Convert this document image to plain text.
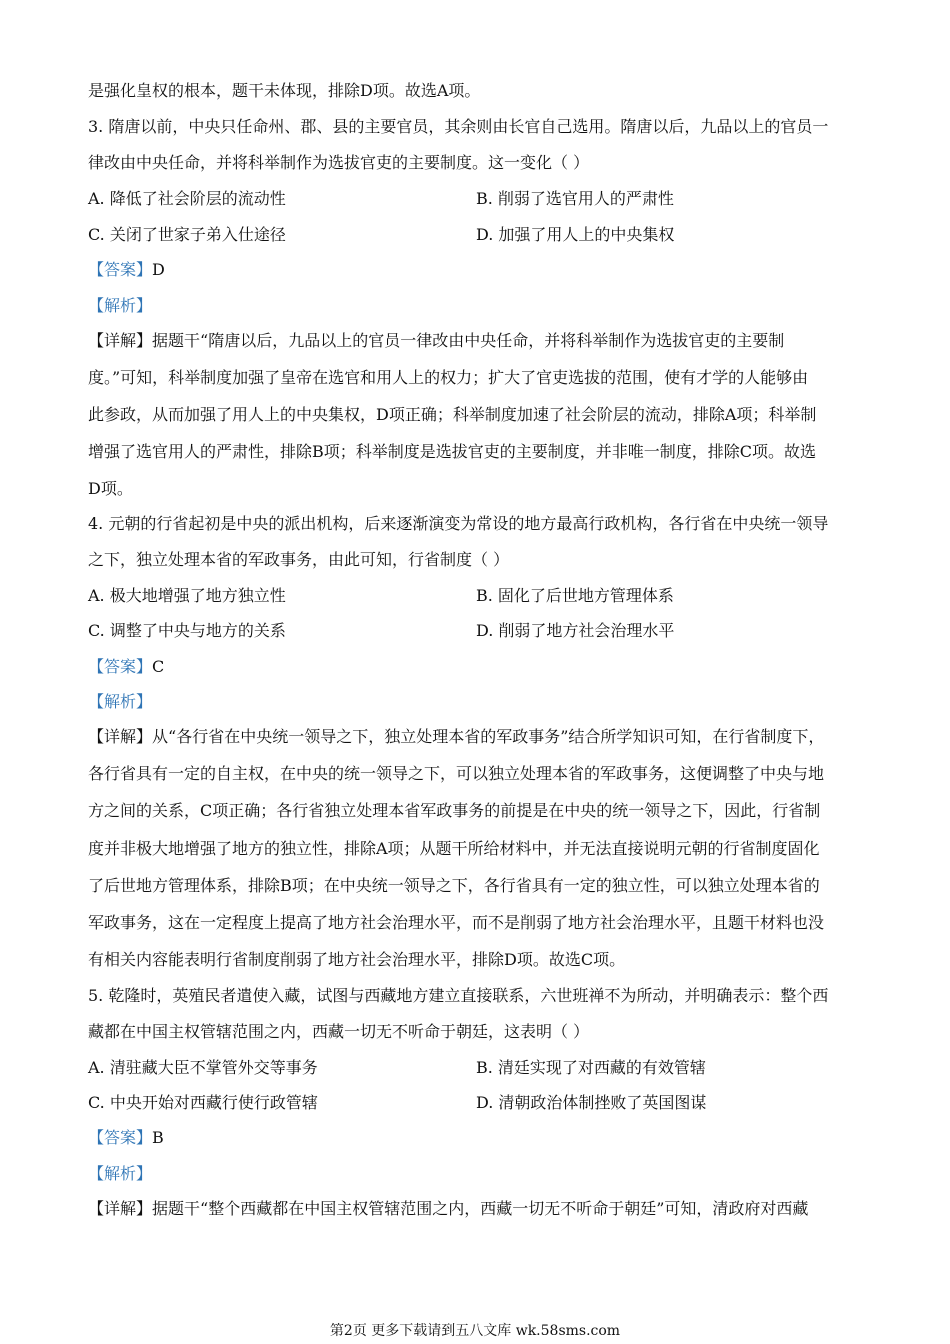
是强化皇权的根本，题干未体现，排除D项。故选A项。
3. 隋唐以前，中央只任命州、郡、县的主要官员，其余则由长官自己选用。隋唐以后，九品以上的官员一
律改由中央任命，并将科举制作为选拔官吏的主要制度。这一变化（ ）
A. 降低了社会阶层的流动性	B. 削弱了选官用人的严肃性
C. 关闭了世家子弟入仕途径	D. 加强了用人上的中央集权
【答案】D
【解析】
【详解】据题干“隋唐以后，九品以上的官员一律改由中央任命，并将科举制作为选拔官吏的主要制
度。”可知，科举制度加强了皇帝在选官和用人上的权力；扩大了官吏选拔的范围，使有才学的人能够由
此参政，从而加强了用人上的中央集权，D项正确；科举制度加速了社会阶层的流动，排除A项；科举制
增强了选官用人的严肃性，排除B项；科举制度是选拔官吏的主要制度，并非唯一制度，排除C项。故选
D项。
4. 元朝的行省起初是中央的派出机构，后来逐渐演变为常设的地方最高行政机构，各行省在中央统一领导
之下，独立处理本省的军政事务，由此可知，行省制度（ ）
A. 极大地增强了地方独立性	B. 固化了后世地方管理体系
C. 调整了中央与地方的关系	D. 削弱了地方社会治理水平
【答案】C
【解析】
【详解】从“各行省在中央统一领导之下，独立处理本省的军政事务”结合所学知识可知，在行省制度下，
各行省具有一定的自主权，在中央的统一领导之下，可以独立处理本省的军政事务，这便调整了中央与地
方之间的关系，C项正确；各行省独立处理本省军政事务的前提是在中央的统一领导之下，因此，行省制
度并非极大地增强了地方的独立性，排除A项；从题干所给材料中，并无法直接说明元朝的行省制度固化
了后世地方管理体系，排除B项；在中央统一领导之下，各行省具有一定的独立性，可以独立处理本省的
军政事务，这在一定程度上提高了地方社会治理水平，而不是削弱了地方社会治理水平，且题干材料也没
有相关内容能表明行省制度削弱了地方社会治理水平，排除D项。故选C项。
5. 乾隆时，英殖民者遣使入藏，试图与西藏地方建立直接联系，六世班禅不为所动，并明确表示：整个西
藏都在中国主权管辖范围之内，西藏一切无不听命于朝廷，这表明（ ）
A. 清驻藏大臣不掌管外交等事务	B. 清廷实现了对西藏的有效管辖
C. 中央开始对西藏行使行政管辖	D. 清朝政治体制挫败了英国图谋
【答案】B
【解析】
【详解】据题干“整个西藏都在中国主权管辖范围之内，西藏一切无不听命于朝廷”可知，清政府对西藏
第2页 更多下载请到五八文库 wk.58sms.com
